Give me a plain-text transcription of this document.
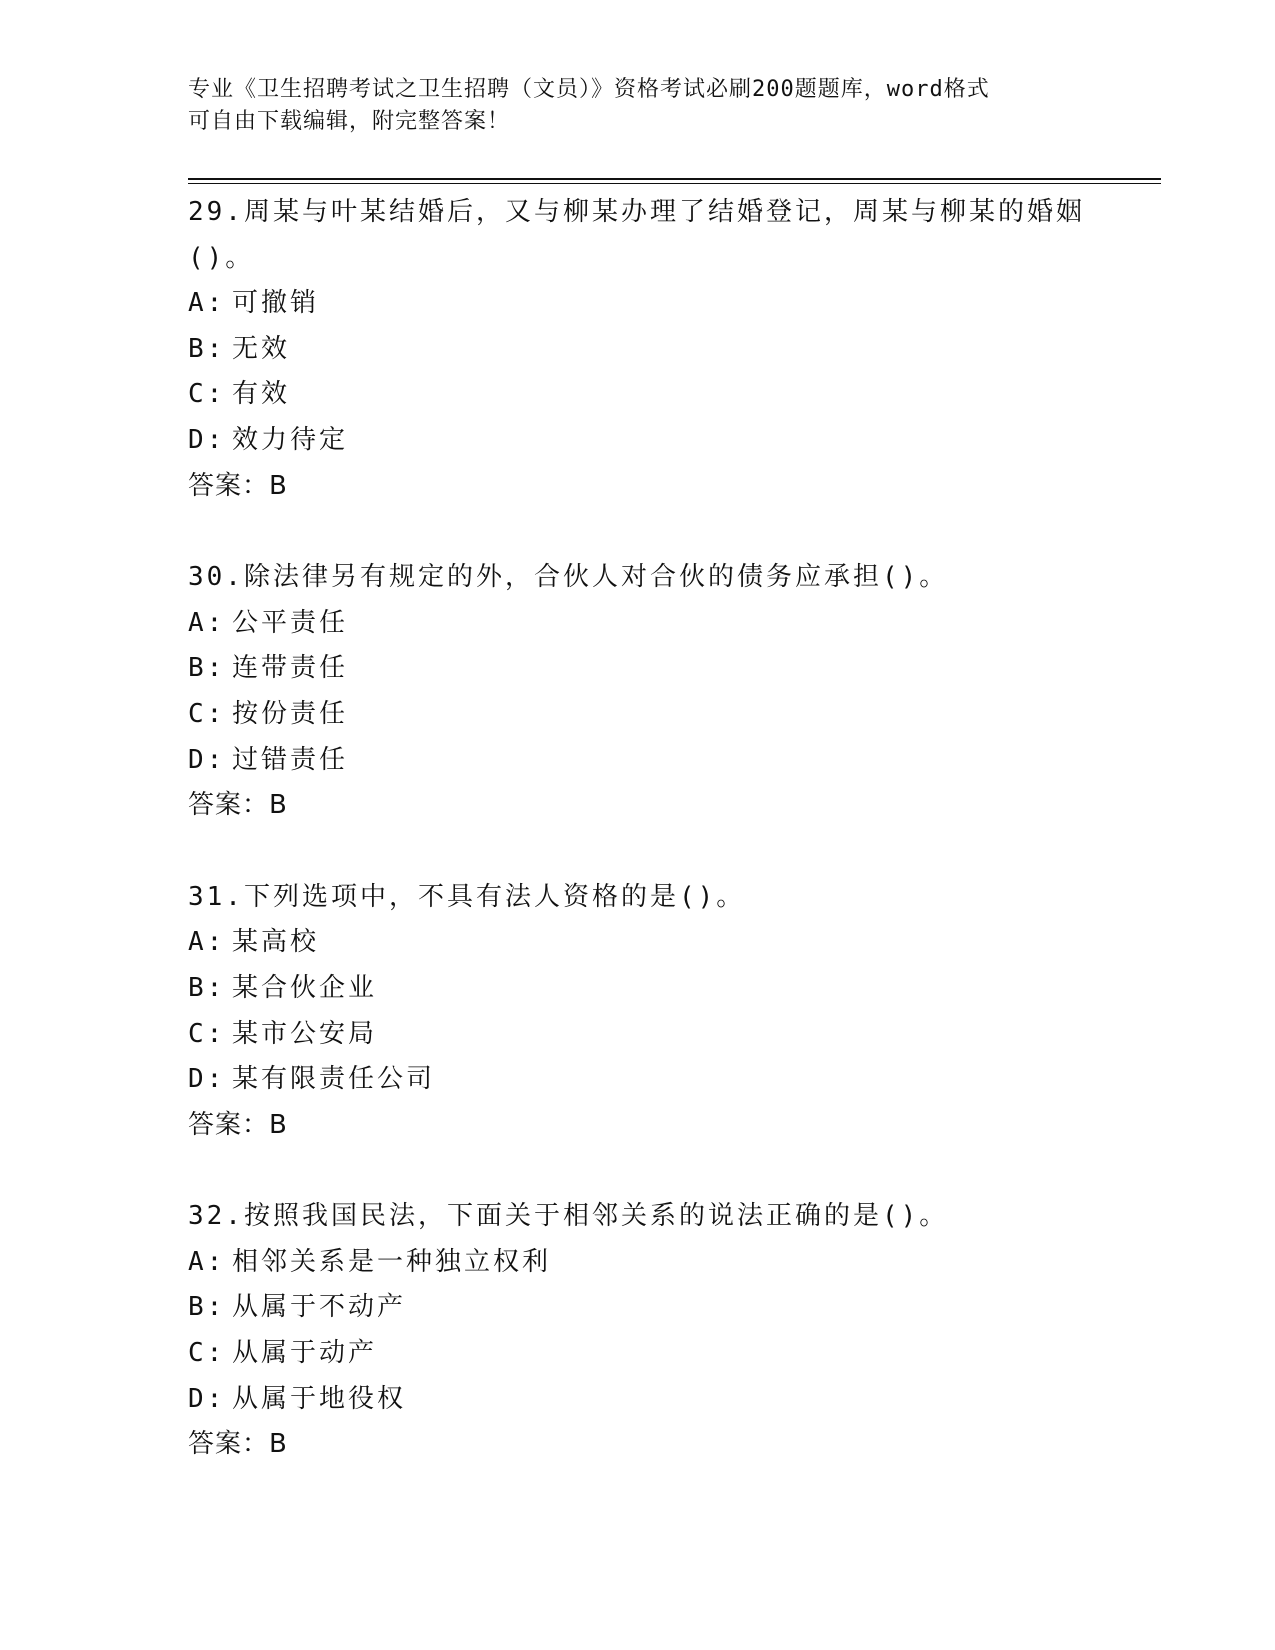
专业《卫生招聘考试之卫生招聘（文员）》资格考试必刷200题题库，word格式
可自由下载编辑，附完整答案！
29.周某与叶某结婚后，又与柳某办理了结婚登记，周某与柳某的婚姻()。
A: 可撤销
B: 无效
C: 有效
D: 效力待定
答案：B
30.除法律另有规定的外，合伙人对合伙的债务应承担()。
A: 公平责任
B: 连带责任
C: 按份责任
D: 过错责任
答案：B
31.下列选项中，不具有法人资格的是()。
A: 某高校
B: 某合伙企业
C: 某市公安局
D: 某有限责任公司
答案：B
32.按照我国民法，下面关于相邻关系的说法正确的是()。
A: 相邻关系是一种独立权利
B: 从属于不动产
C: 从属于动产
D: 从属于地役权
答案：B
